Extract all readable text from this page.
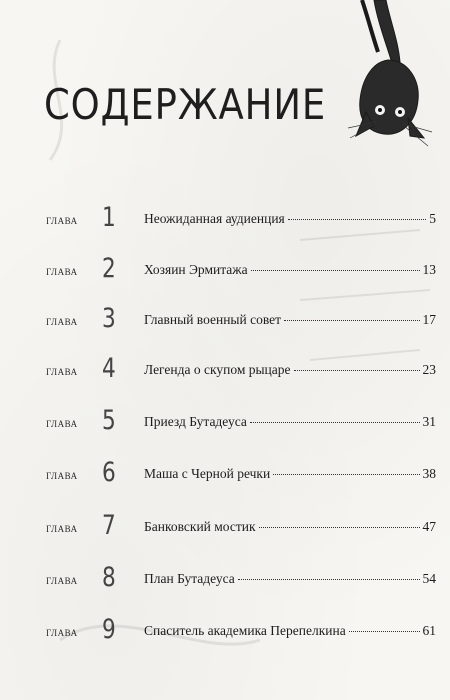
СОДЕРЖАНИЕ
глава 1	Неожиданная аудиенция	5
глава 2	Хозяин Эрмитажа	13
глава 3	Главный военный совет	17
глава 4	Легенда о скупом рыцаре	23
глава 5	Приезд Бутадеуса	31
глава 6	Маша с Черной речки	38
глава 7	Банковский мостик	47
глава 8	План Бутадеуса	54
глава 9	Спаситель академика Перепелкина	61
